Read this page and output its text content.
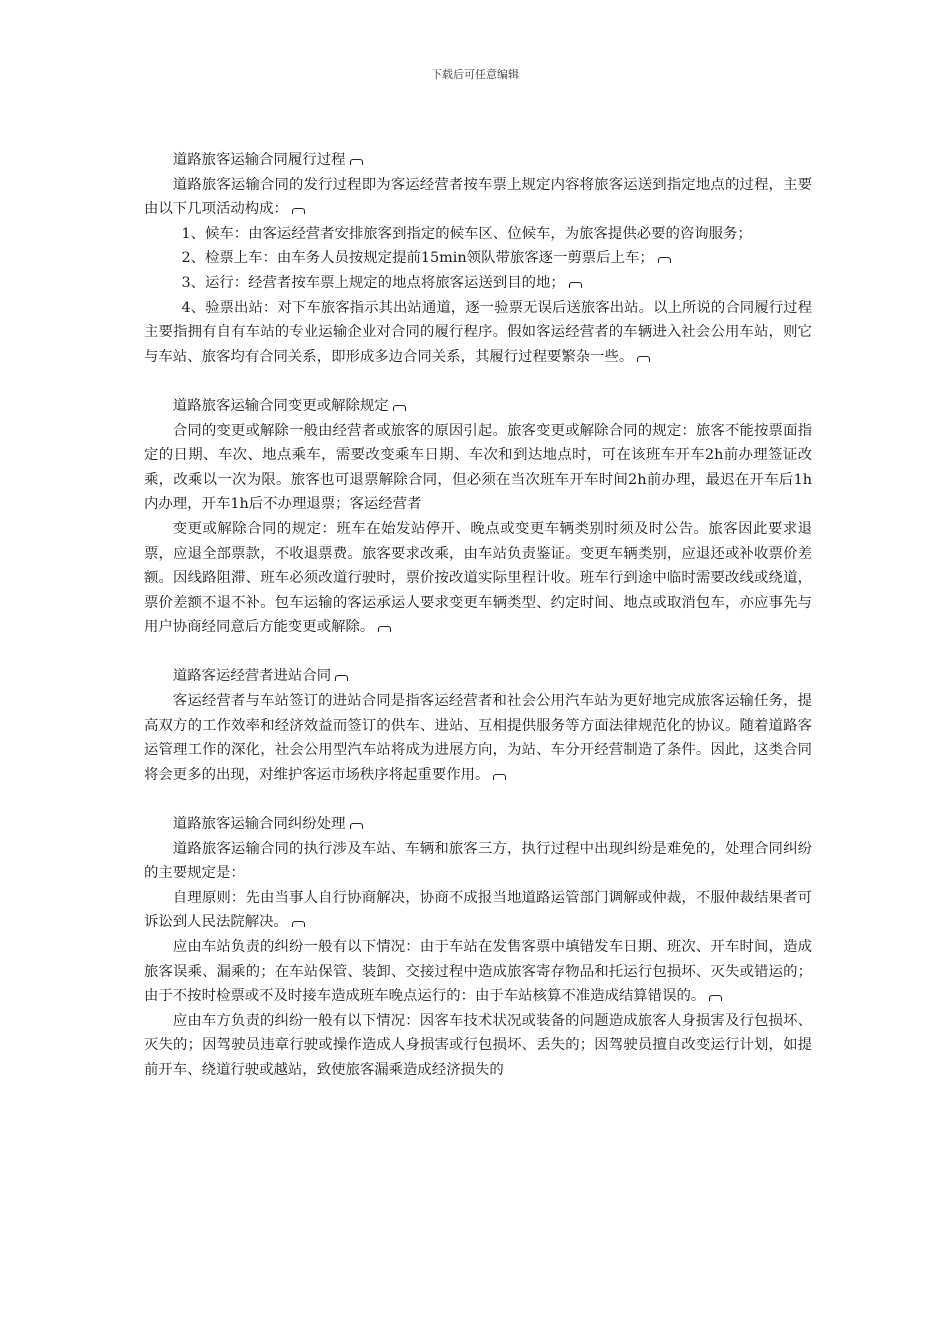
下载后可任意编辑

道路旅客运输合同履行过程

道路旅客运输合同的发行过程即为客运经营者按车票上规定内容将旅客运送到指定地点的过程，主要由以下几项活动构成：

1、候车：由客运经营者安排旅客到指定的候车区、位候车，为旅客提供必要的咨询服务；

2、检票上车：由车务人员按规定提前15min领队带旅客逐一剪票后上车；

3、运行：经营者按车票上规定的地点将旅客运送到目的地；

4、验票出站：对下车旅客指示其出站通道，逐一验票无误后送旅客出站。以上所说的合同履行过程主要指拥有自有车站的专业运输企业对合同的履行程序。假如客运经营者的车辆进入社会公用车站，则它与车站、旅客均有合同关系，即形成多边合同关系，其履行过程要繁杂一些。

道路旅客运输合同变更或解除规定

合同的变更或解除一般由经营者或旅客的原因引起。旅客变更或解除合同的规定：旅客不能按票面指定的日期、车次、地点乘车，需要改变乘车日期、车次和到达地点时，可在该班车开车2h前办理签证改乘，改乘以一次为限。旅客也可退票解除合同，但必须在当次班车开车时间2h前办理，最迟在开车后1h内办理，开车1h后不办理退票；客运经营者

变更或解除合同的规定：班车在始发站停开、晚点或变更车辆类别时须及时公告。旅客因此要求退票，应退全部票款，不收退票费。旅客要求改乘，由车站负责鉴证。变更车辆类别，应退还或补收票价差额。因线路阻滞、班车必须改道行驶时，票价按改道实际里程计收。班车行到途中临时需要改线或绕道，票价差额不退不补。包车运输的客运承运人要求变更车辆类型、约定时间、地点或取消包车，亦应事先与用户协商经同意后方能变更或解除。

道路客运经营者进站合同

客运经营者与车站签订的进站合同是指客运经营者和社会公用汽车站为更好地完成旅客运输任务，提高双方的工作效率和经济效益而签订的供车、进站、互相提供服务等方面法律规范化的协议。随着道路客运管理工作的深化，社会公用型汽车站将成为进展方向，为站、车分开经营制造了条件。因此，这类合同将会更多的出现，对维护客运市场秩序将起重要作用。

道路旅客运输合同纠纷处理

道路旅客运输合同的执行涉及车站、车辆和旅客三方，执行过程中出现纠纷是难免的，处理合同纠纷的主要规定是：

自理原则：先由当事人自行协商解决，协商不成报当地道路运管部门调解或仲裁，不服仲裁结果者可诉讼到人民法院解决。

应由车站负责的纠纷一般有以下情况：由于车站在发售客票中填错发车日期、班次、开车时间，造成旅客误乘、漏乘的；在车站保管、装卸、交接过程中造成旅客寄存物品和托运行包损坏、灭失或错运的；由于不按时检票或不及时接车造成班车晚点运行的：由于车站核算不准造成结算错误的。

应由车方负责的纠纷一般有以下情况：因客车技术状况或装备的问题造成旅客人身损害及行包损坏、灭失的；因驾驶员违章行驶或操作造成人身损害或行包损坏、丢失的；因驾驶员擅自改变运行计划，如提前开车、绕道行驶或越站，致使旅客漏乘造成经济损失的
